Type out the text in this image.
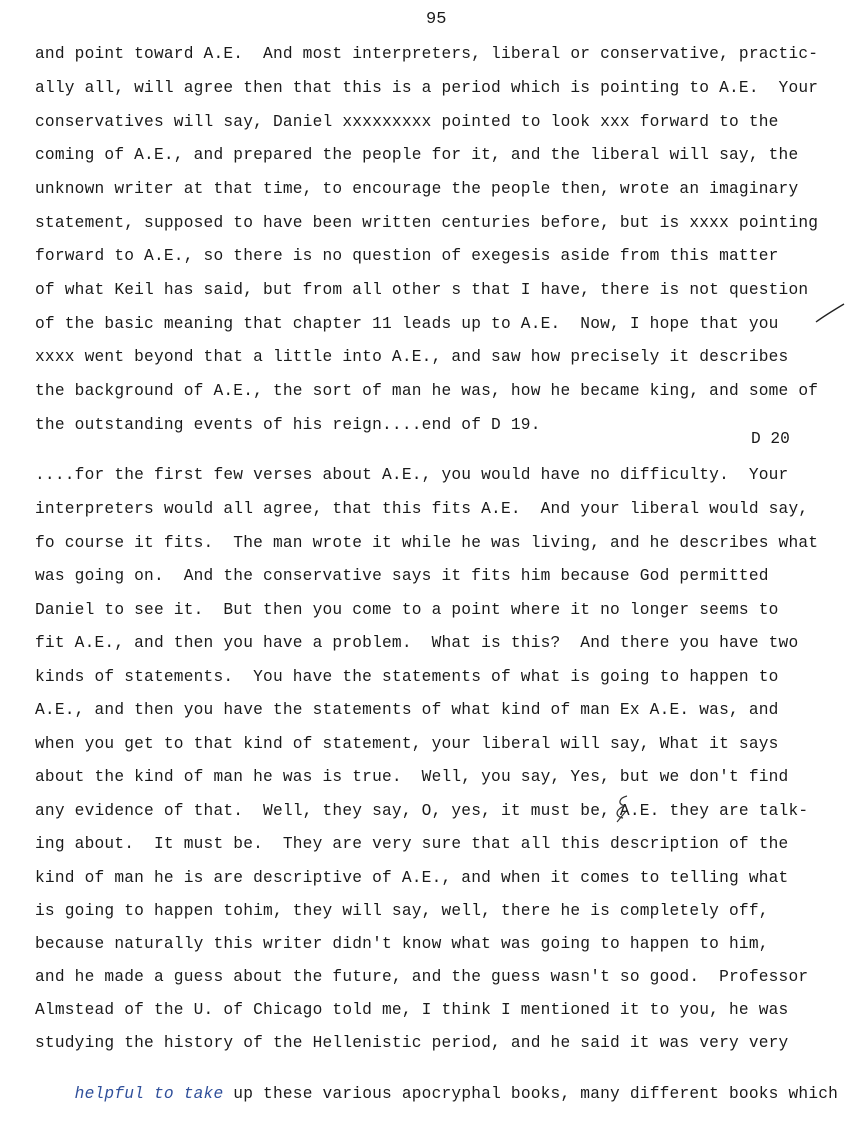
95
and point toward A.E.  And most interpreters, liberal or conservative, practic-
ally all, will agree then that this is a period which is pointing to A.E.  Your
conservatives will say, Daniel xxxxxxxxx pointed to look xxx forward to the
coming of A.E., and prepared the people for it, and the liberal will say, the
unknown writer at that time, to encourage the people then, wrote an imaginary
statement, supposed to have been written centuries before, but is xxxx pointing
forward to A.E., so there is no question of exegesis aside from this matter
of what Keil has said, but from all other s that I have, there is not question
of the basic meaning that chapter 11 leads up to A.E.  Now, I hope that you
xxxx went beyond that a little into A.E., and saw how precisely it describes
the background of A.E., the sort of man he was, how he became king, and some of
the outstanding events of his reign....end of D 19.
D 20
....for the first few verses about A.E., you would have no difficulty.  Your
interpreters would all agree, that this fits A.E.  And your liberal would say,
fo course it fits.  The man wrote it while he was living, and he describes what
was going on.  And the conservative says it fits him because God permitted
Daniel to see it.  But then you come to a point where it no longer seems to
fit A.E., and then you have a problem.  What is this?  And there you have two
kinds of statements.  You have the statements of what is going to happen to
A.E., and then you have the statements of what kind of man Ex A.E. was, and
when you get to that kind of statement, your liberal will say, What it says
about the kind of man he was is true.  Well, you say, Yes, but we don't find
any evidence of that.  Well, they say, O, yes, it must be, A.E. they are talk-
ing about.  It must be.  They are very sure that all this description of the
kind of man he is are descriptive of A.E., and when it comes to telling what
is going to happen tohim, they will say, well, there he is completely off,
because naturally this writer didn't know what was going to happen to him,
and he made a guess about the future, and the guess wasn't so good.  Professor
Almstead of the U. of Chicago told me, I think I mentioned it to you, he was
studying the history of the Hellenistic period, and he said it was very very

helpful to take up these various apocryphal books, many different books which
